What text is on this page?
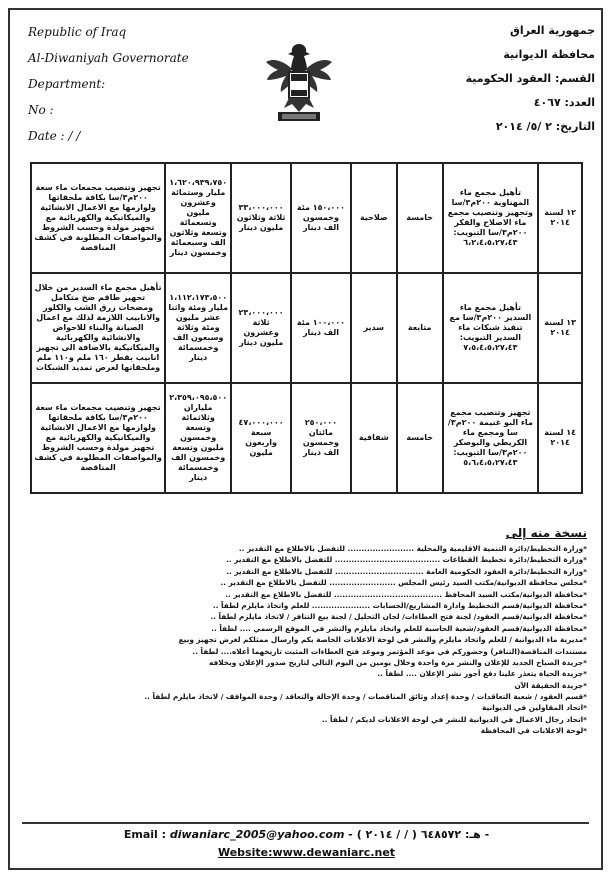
Republic of Iraq
Al-Diwaniyah Governorate
Department:
No :
Date : / /
جمهورية العراق
محافظة الديوانية
القسم: العقود الحكومية
العدد: ٤٠٦٧
التاريخ: ٢ /٥/ ٢٠١٤
١٢ لسنة ٢٠١٤	تأهيل مجمع ماء المهناوية ٢٠٠م٣/سا وتجهيز وتنصيب مجمع ماء الاصلاح والفكر ٢٠٠م٣/سا التبويب: ٦،٢،٤،٥،٢٧،٤٣	خامسة	صلاحية	١٥٠،٠٠٠ مئة وخمسون الف دينار	٣٣،٠٠٠،٠٠٠ ثلاثة وثلاثون مليون دينار	١،٦٢٠،٩٣٩،٧٥٠ مليار وستمائة وعشرون مليون وتسعمائة وتسعة وثلاثون الف وسبعمائة وخمسون دينار	تجهيز وتنصيب مجمعات ماء سعة ٢٠٠م٣/سا بكافة ملحقاتها ولوازمها مع الاعمال الانشائية والميكانيكية والكهربائية مع تجهيز مولدة وحسب الشروط والمواصفات المطلوبة في كشف المناقصة
١٣ لسنة ٢٠١٤	تأهيل مجمع ماء السدير ٢٠٠م٣/سا مع تنفيذ شبكات ماء السدير التبويب: ٧،٥،٤،٥،٢٧،٤٣	متابعة	سدير	١٠٠،٠٠٠ مئة الف دينار	٢٣،٠٠٠،٠٠٠ ثلاثة وعشرون مليون دينار	١،١١٢،١٧٣،٥٠٠ مليار ومئة واثنا عشر مليون ومئة وثلاثة وسبعون الف وخمسمائة دينار	تأهيل مجمع ماء السدير من خلال تجهيز طاقم ضخ متكامل ومضخات زرق الشب والكلور والانابيب اللازمة لذلك مع اعمال الصيانة والبناء للاحواض والانشائية والكهربائية والميكانيكية بالاضافة الى تجهيز انابيب بقطر ١٦٠ ملم و١١٠ ملم وملحقاتها لغرض تمديد الشبكات
١٤ لسنة ٢٠١٤	تجهيز وتنصيب مجمع ماء البو غنيمة ٢٠٠م٣/سا ومجمع ماء الكريطي والبوصكر ٢٠٠م٣/سا التبويب: ٥،٦،٤،٥،٢٧،٤٣	خامسة	شفافية	٢٥٠،٠٠٠ مائتان وخمسون الف دينار	٤٧،٠٠٠،٠٠٠ سبعة واربعون مليون	٢،٣٥٩،٠٩٥،٥٠٠ ملياران وثلاثمائة وتسعة وخمسون مليون وتسعة وخمسون الف وخمسمائة دينار	تجهيز وتنصيب مجمعات ماء سعة ٢٠٠م٣/سا بكافة ملحقاتها ولوازمها مع الاعمال الانشائية والميكانيكية والكهربائية مع تجهيز مولدة وحسب الشروط والمواصفات المطلوبة في كشف المناقصة
نسخة منه إلى
*وزارة التخطيط/دائرة التنمية الاقليمية والمحلية ........................ للتفضل بالاطلاع مع التقدير ..
*وزارة التخطيط/دائرة تخطيط القطاعات ...................................... للتفضل بالاطلاع مع التقدير ..
*وزارة التخطيط/دائرة العقود الحكومية العامة ................................ للتفضل بالاطلاع مع التقدير ..
*مجلس محافظة الديوانية/مكتب السيد رئيس المجلس ........................ للتفضل بالاطلاع مع التقدير ..
*محافظة الديوانية/مكتب السيد المحافظ ....................................... للتفضل بالاطلاع مع التقدير ..
*محافظة الديوانية/قسم التخطيط وادارة المشاريع/الحسابات ..................... للعلم واتخاذ مايلزم لطفاً ..
*محافظة الديوانية/قسم العقود/ لجنة فتح العطاءات/ لجان التحليل / لجنة بيع التنافر / لاتخاذ مايلزم لطفاً ..
*محافظة الديوانية/قسم العقود/شعبة الحاسبة للعلم واتخاذ مايلزم والنشر في الموقع الرسمي .... لطفاً ..
*مديرية ماء الديوانية / للعلم واتخاذ مايلزم والنشر في لوحة الاعلانات الخاصة بكم وارسال ممثلكم لغرض تجهيز وبيع
مستندات المناقصة(التنافر) وحضوركم في موعد المؤتمر وموعد فتح العطاءات المثبت تاريخهما أعلاه.... لطفاً ..
*جريدة الصباح الجديد للإعلان والنشر مرة واحدة وخلال يومين من اليوم التالي لتاريخ صدور الإعلان وبخلافه
*جريدة الحياة يتعذر علينا دفع أجور نشر الإعلان .... لطفاً ..
*جريدة الحقيقة الآن
*قسم العقود / شعبة التعاقدات / وحدة إعداد وثائق المناقصات / وحدة الإحالة والتعاقد / وحدة المواقف / لاتخاذ مايلزم لطفاً ..
*اتحاد المقاولين في الديوانية
*اتحاد رجال الاعمال في الديوانية للنشر في لوحة الاعلانات لديكم / لطفاً ..
*لوحة الاعلانات في المحافظة
Email : diwaniarc_2005@yahoo.com - ( ٢٠١٤ / / ) هـ: ٦٤٨٥٧٢ -
Website:www.dewaniarc.net
